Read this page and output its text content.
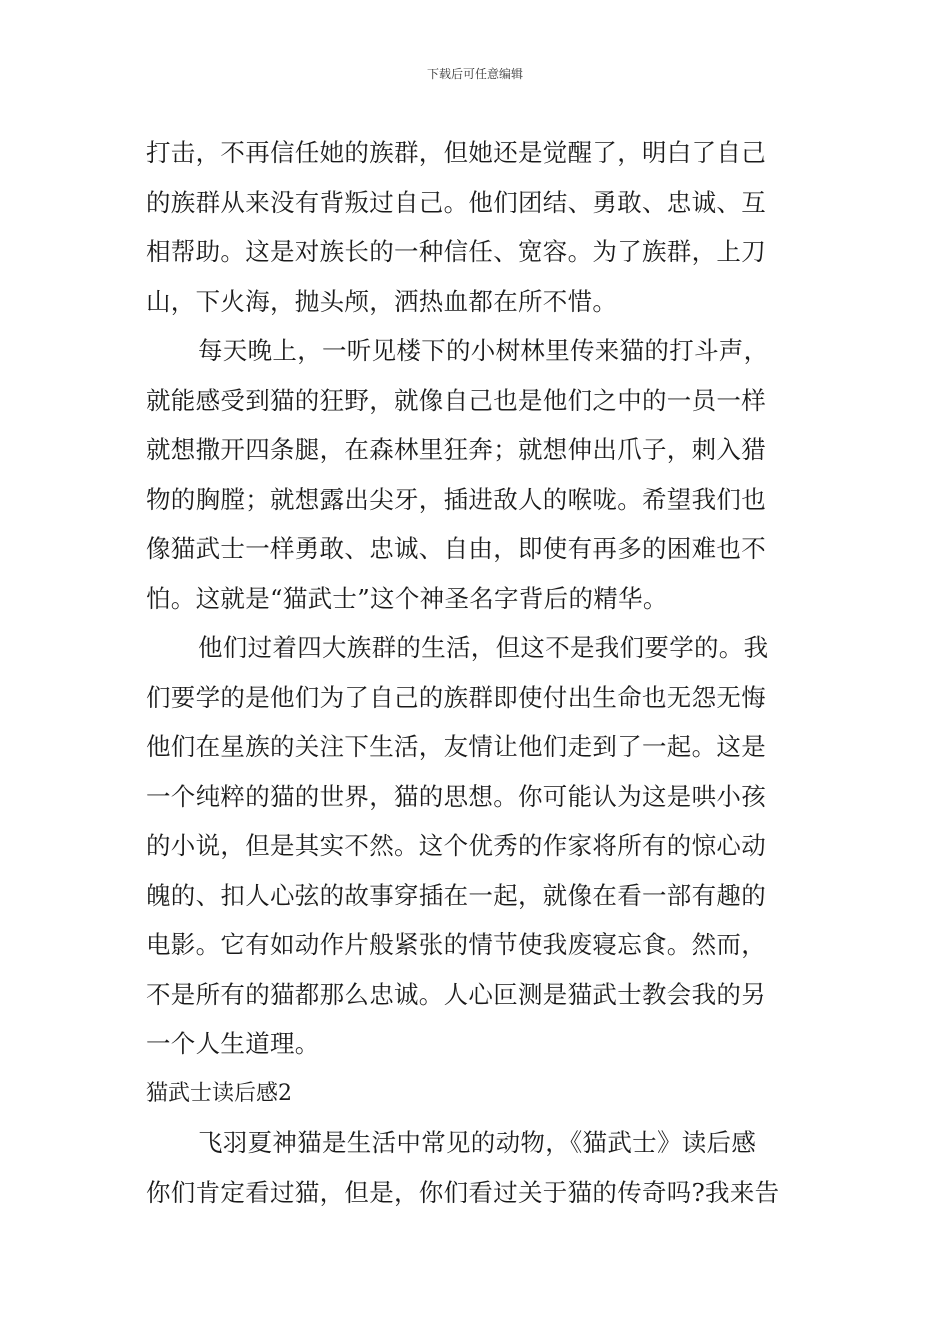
下载后可任意编辑
打击，不再信任她的族群，但她还是觉醒了，明白了自己
的族群从来没有背叛过自己。他们团结、勇敢、忠诚、互
相帮助。这是对族长的一种信任、宽容。为了族群，上刀
山，下火海，抛头颅，洒热血都在所不惜。
每天晚上，一听见楼下的小树林里传来猫的打斗声，
就能感受到猫的狂野，就像自己也是他们之中的一员一样
就想撒开四条腿，在森林里狂奔；就想伸出爪子，刺入猎
物的胸膛；就想露出尖牙，插进敌人的喉咙。希望我们也
像猫武士一样勇敢、忠诚、自由，即使有再多的困难也不
怕。这就是“猫武士”这个神圣名字背后的精华。
他们过着四大族群的生活，但这不是我们要学的。我
们要学的是他们为了自己的族群即使付出生命也无怨无悔
他们在星族的关注下生活，友情让他们走到了一起。这是
一个纯粹的猫的世界，猫的思想。你可能认为这是哄小孩
的小说，但是其实不然。这个优秀的作家将所有的惊心动
魄的、扣人心弦的故事穿插在一起，就像在看一部有趣的
电影。它有如动作片般紧张的情节使我废寝忘食。然而，
不是所有的猫都那么忠诚。人心叵测是猫武士教会我的另
一个人生道理。
猫武士读后感2
飞羽夏神猫是生活中常见的动物，《猫武士》读后感
你们肯定看过猫，但是，你们看过关于猫的传奇吗?我来告
